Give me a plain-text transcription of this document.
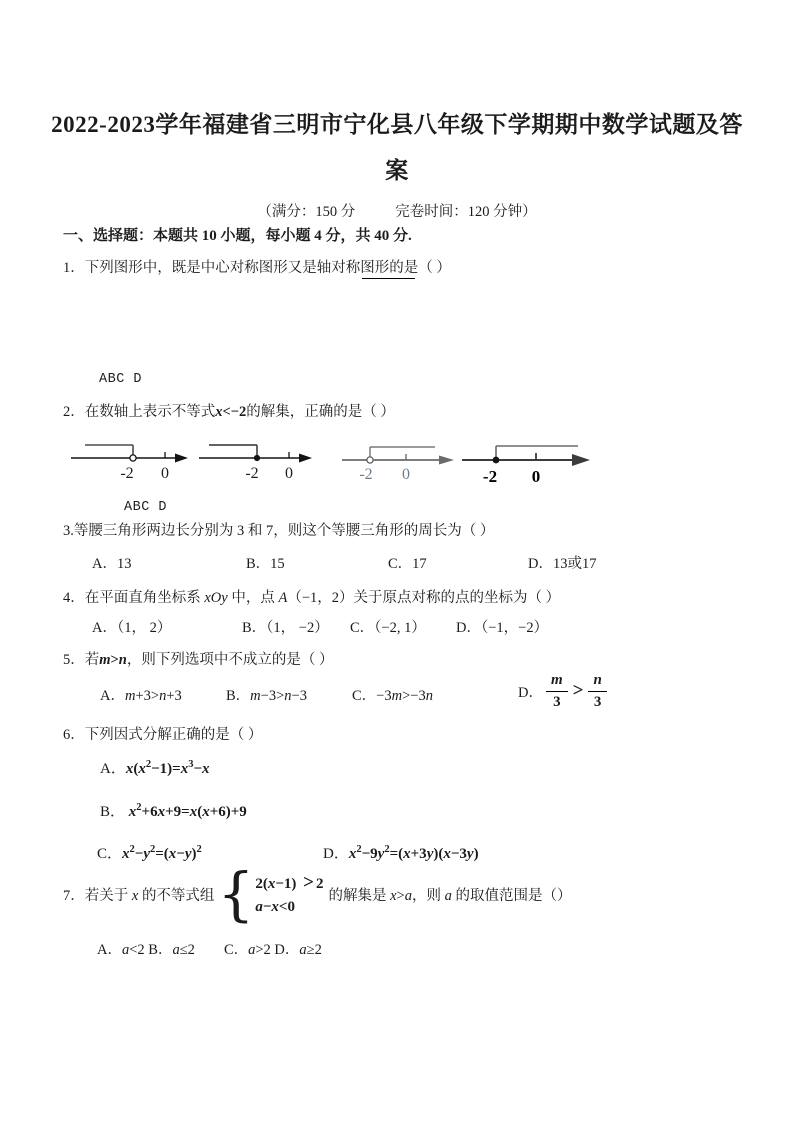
2022-2023学年福建省三明市宁化县八年级下学期期中数学试题及答
案
（满分：150 分	完卷时间：120 分钟）
一、选择题：本题共 10 小题，每小题 4 分，共 40 分.
1．下列图形中，既是中心对称图形又是轴对称图形的是（ ）
ABC D
2．在数轴上表示不等式x<−2的解集，正确的是（ ）
-2 0	-2 0	-2 0	-2 0
ABC D
3.等腰三角形两边长分别为 3 和 7，则这个等腰三角形的周长为（ ）
A．13	B．15	C．17	D．13或17
4．在平面直角坐标系 xOy 中，点 A（−1，2）关于原点对称的点的坐标为（ ）
A．（1， 2）	B．（1， −2） C．（−2, 1） D．（−1，−2）
5．若m>n，则下列选项中不成立的是（ ）
A．m+3>n+3	B．m−3>n−3	C．−3m>−3n	D． $\frac{m}{3} > \frac{n}{3}$
6．下列因式分解正确的是（ ）
A．$x(x^2-1)=x^3-x$
B． $x^2+6x+9=x(x+6)+9$
C．$x^2-y^2=(x-y)^2$	D．$x^2-9y^2=(x+3y)(x-3y)$
7．若关于 x 的不等式组 { 2(x−1) > 2
a−x<0
的解集是 x>a，则 a 的取值范围是（）
A．a<2 B．a≤2　　 C．a>2 D．a≥2
